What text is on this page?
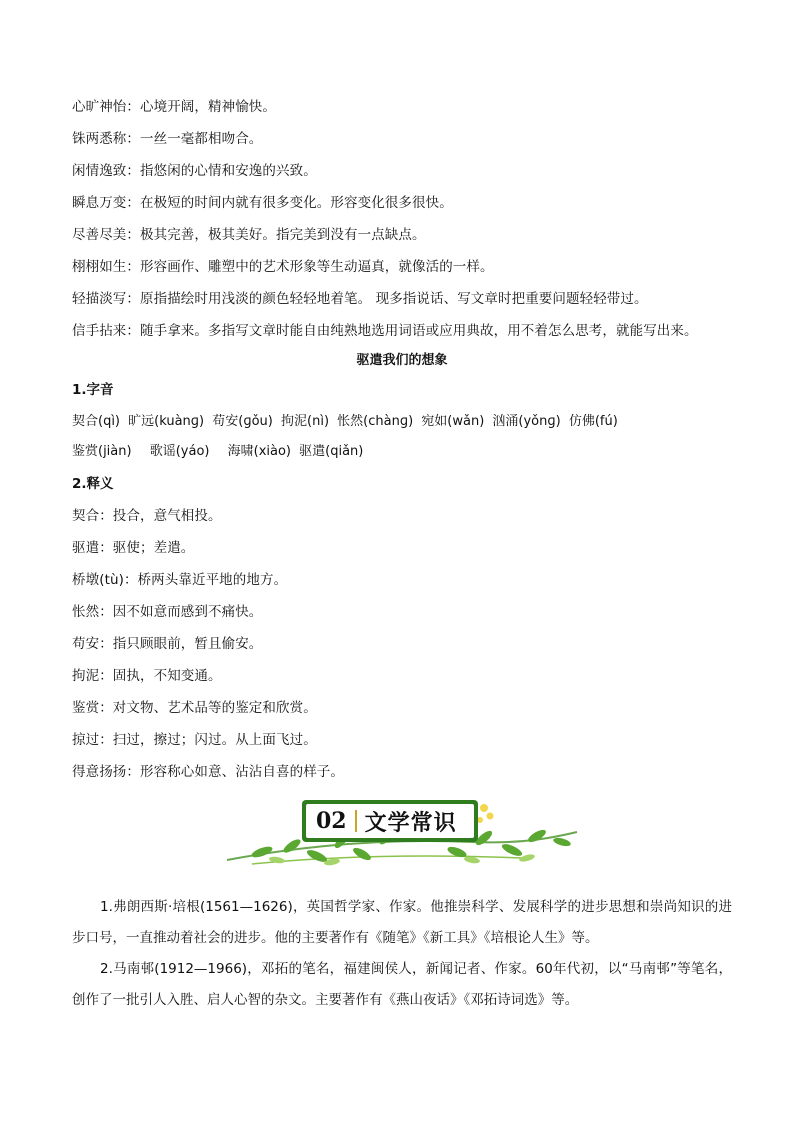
心旷神怡：心境开阔，精神愉快。
铢两悉称：一丝一毫都相吻合。
闲情逸致：指悠闲的心情和安逸的兴致。
瞬息万变：在极短的时间内就有很多变化。形容变化很多很快。
尽善尽美：极其完善，极其美好。指完美到没有一点缺点。
栩栩如生：形容画作、雕塑中的艺术形象等生动逼真，就像活的一样。
轻描淡写：原指描绘时用浅淡的颜色轻轻地着笔。 现多指说话、写文章时把重要问题轻轻带过。
信手拈来：随手拿来。多指写文章时能自由纯熟地选用词语或应用典故，用不着怎么思考，就能写出来。
驱遣我们的想象
1.字音
契合(qì) 旷远(kuànɡ) 苟安(ɡǒu) 拘泥(nì) 怅然(chànɡ) 宛如(wǎn) 汹涌(yǒnɡ) 仿佛(fú)
鉴赏(jiàn) 歌谣(yáo) 海啸(xiào) 驱遣(qiǎn)
2.释义
契合：投合，意气相投。
驱遣：驱使；差遣。
桥墩(tù)：桥两头靠近平地的地方。
怅然：因不如意而感到不痛快。
苟安：指只顾眼前，暂且偷安。
拘泥：固执，不知变通。
鉴赏：对文物、艺术品等的鉴定和欣赏。
掠过：扫过，擦过；闪过。从上面飞过。
得意扬扬：形容称心如意、沾沾自喜的样子。
02 文学常识

1.弗朗西斯·培根(1561—1626)，英国哲学家、作家。他推崇科学、发展科学的进步思想和崇尚知识的进步口号，一直推动着社会的进步。他的主要著作有《随笔》《新工具》《培根论人生》等。

2.马南邨(1912—1966)，邓拓的笔名，福建闽侯人，新闻记者、作家。60年代初，以“马南邨”等笔名，创作了一批引人入胜、启人心智的杂文。主要著作有《燕山夜话》《邓拓诗词选》等。
